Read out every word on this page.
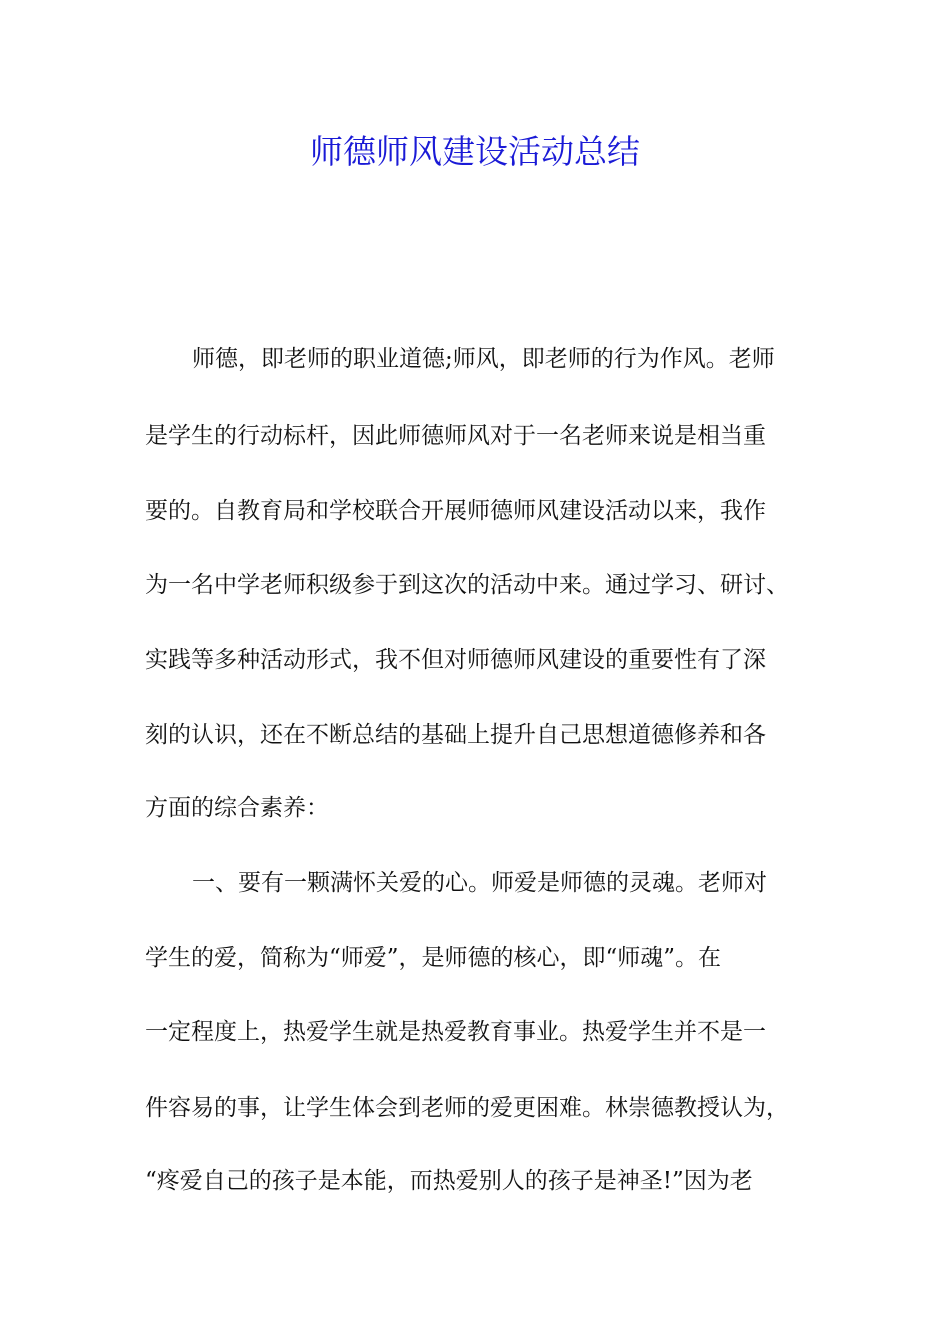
师德师风建设活动总结
师德，即老师的职业道德;师风，即老师的行为作风。老师
是学生的行动标杆，因此师德师风对于一名老师来说是相当重
要的。自教育局和学校联合开展师德师风建设活动以来，我作
为一名中学老师积级参于到这次的活动中来。通过学习、研讨、
实践等多种活动形式，我不但对师德师风建设的重要性有了深
刻的认识，还在不断总结的基础上提升自己思想道德修养和各
方面的综合素养：
一、要有一颗满怀关爱的心。师爱是师德的灵魂。老师对
学生的爱，简称为“师爱”，是师德的核心，即“师魂”。在
一定程度上，热爱学生就是热爱教育事业。热爱学生并不是一
件容易的事，让学生体会到老师的爱更困难。林崇德教授认为，
“疼爱自己的孩子是本能，而热爱别人的孩子是神圣!”因为老
